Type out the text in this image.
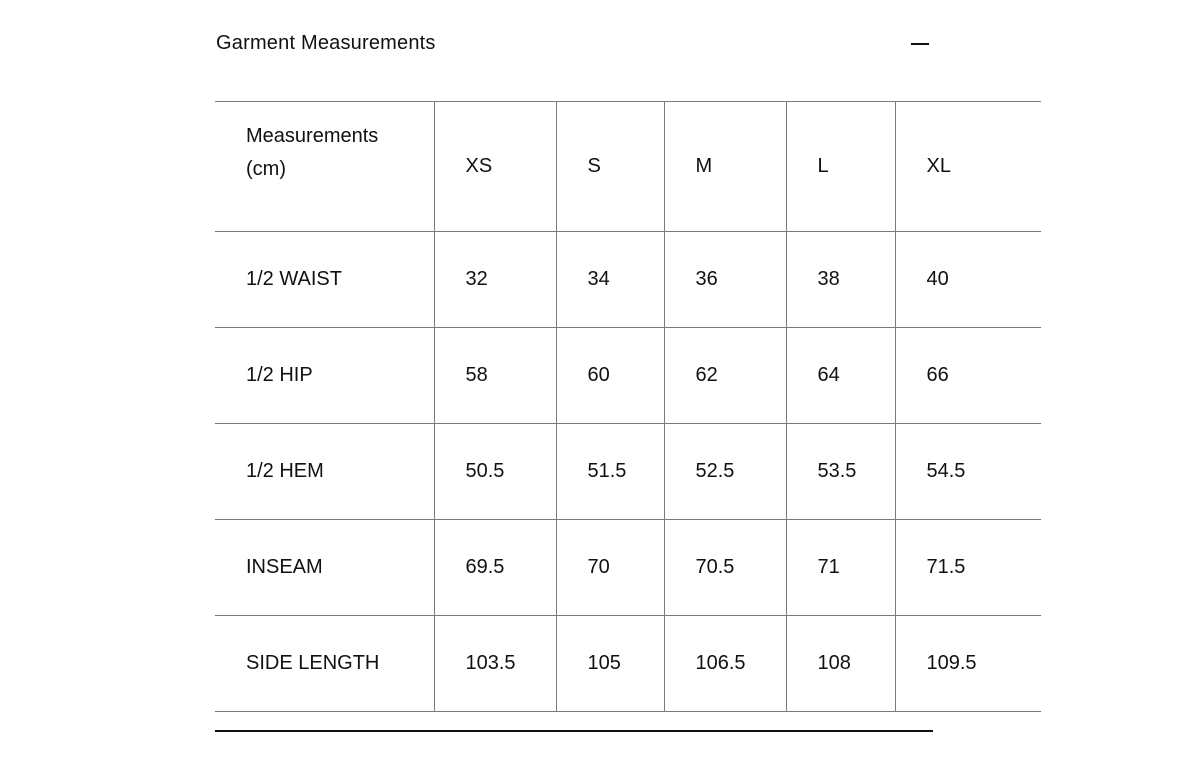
Garment Measurements
Measurements (cm)	XS	S	M	L	XL
1/2 WAIST	32	34	36	38	40
1/2 HIP	58	60	62	64	66
1/2 HEM	50.5	51.5	52.5	53.5	54.5
INSEAM	69.5	70	70.5	71	71.5
SIDE LENGTH	103.5	105	106.5	108	109.5
